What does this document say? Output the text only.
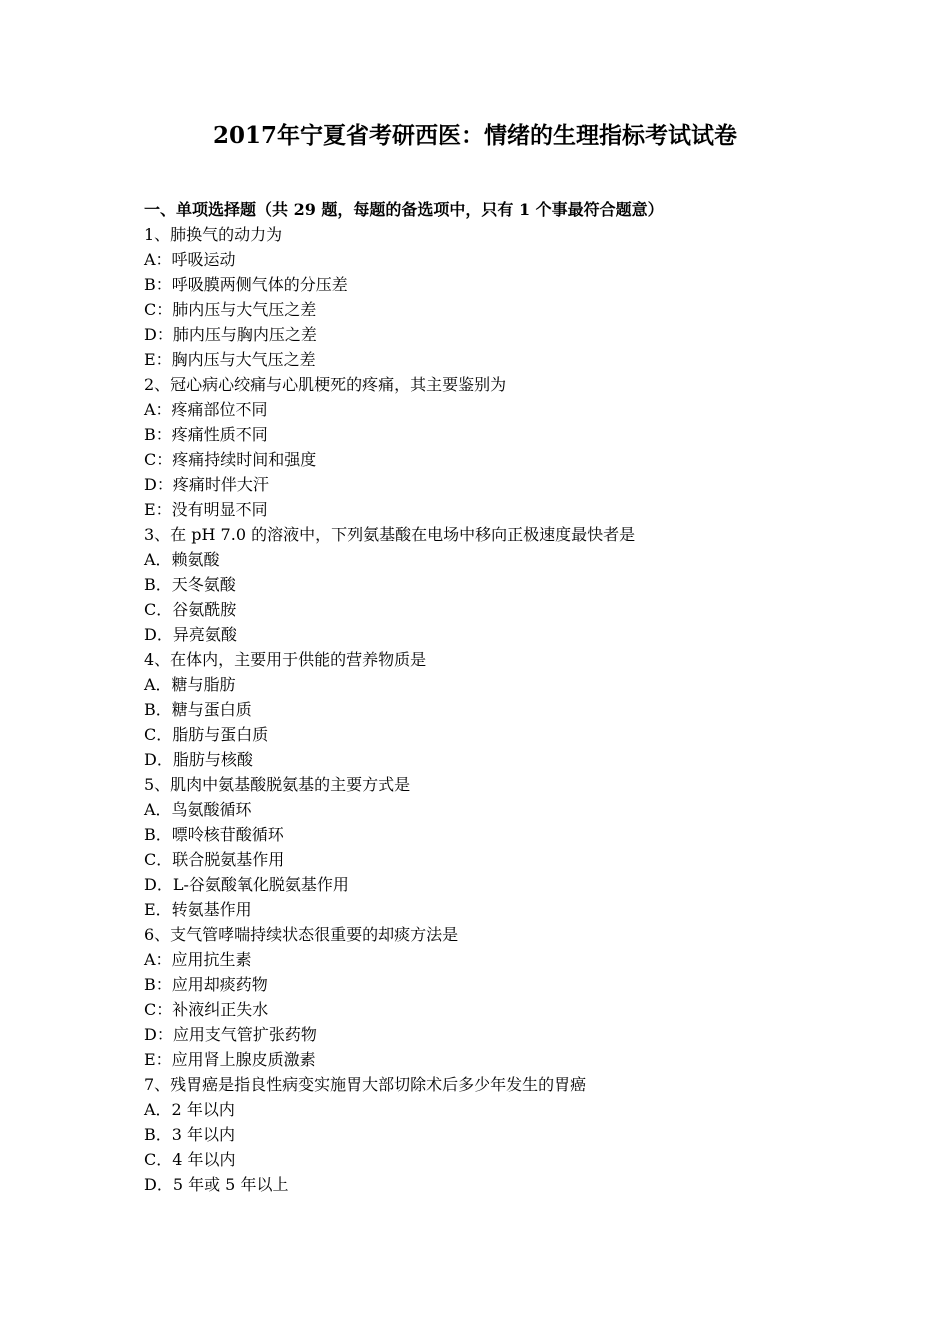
2017年宁夏省考研西医：情绪的生理指标考试试卷

一、单项选择题（共 29 题，每题的备选项中，只有 1 个事最符合题意）

1、肺换气的动力为
A：呼吸运动
B：呼吸膜两侧气体的分压差
C：肺内压与大气压之差
D：肺内压与胸内压之差
E：胸内压与大气压之差
2、冠心病心绞痛与心肌梗死的疼痛，其主要鉴别为
A：疼痛部位不同
B：疼痛性质不同
C：疼痛持续时间和强度
D：疼痛时伴大汗
E：没有明显不同
3、在 pH 7.0 的溶液中，下列氨基酸在电场中移向正极速度最快者是
A．赖氨酸
B．天冬氨酸
C．谷氨酰胺
D．异亮氨酸
4、在体内，主要用于供能的营养物质是
A．糖与脂肪
B．糖与蛋白质
C．脂肪与蛋白质
D．脂肪与核酸
5、肌肉中氨基酸脱氨基的主要方式是
A．鸟氨酸循环
B．嘌呤核苷酸循环
C．联合脱氨基作用
D．L-谷氨酸氧化脱氨基作用
E．转氨基作用
6、支气管哮喘持续状态很重要的却痰方法是
A：应用抗生素
B：应用却痰药物
C：补液纠正失水
D：应用支气管扩张药物
E：应用肾上腺皮质激素
7、残胃癌是指良性病变实施胃大部切除术后多少年发生的胃癌
A．2 年以内
B．3 年以内
C．4 年以内
D．5 年或 5 年以上
